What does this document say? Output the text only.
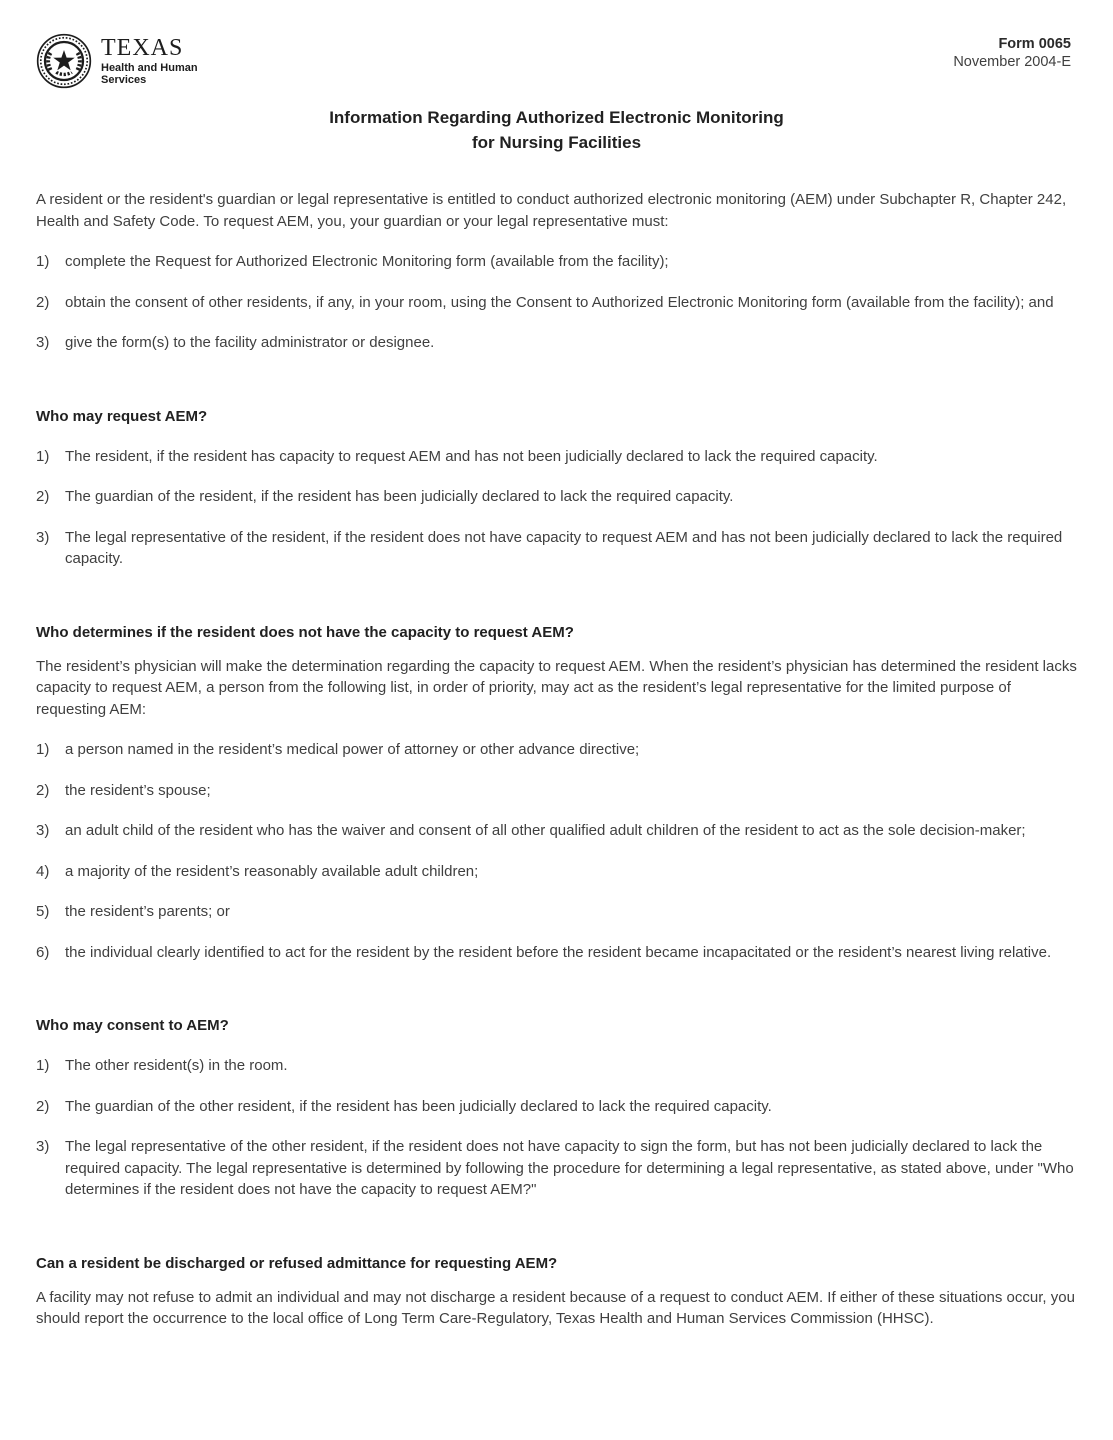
TEXAS
Health and Human
Services
Form 0065
November 2004-E
Information Regarding Authorized Electronic Monitoring
for Nursing Facilities

A resident or the resident's guardian or legal representative is entitled to conduct authorized electronic monitoring (AEM) under Subchapter R, Chapter 242, Health and Safety Code. To request AEM, you, your guardian or your legal representative must:

1)	complete the Request for Authorized Electronic Monitoring form (available from the facility);
2)	obtain the consent of other residents, if any, in your room, using the Consent to Authorized Electronic Monitoring form (available from the facility); and
3)	give the form(s) to the facility administrator or designee.
Who may request AEM?
1)	The resident, if the resident has capacity to request AEM and has not been judicially declared to lack the required capacity.
2)	The guardian of the resident, if the resident has been judicially declared to lack the required capacity.
3)	The legal representative of the resident, if the resident does not have capacity to request AEM and has not been judicially declared to lack the required capacity.
Who determines if the resident does not have the capacity to request AEM?

The resident’s physician will make the determination regarding the capacity to request AEM. When the resident’s physician has determined the resident lacks capacity to request AEM, a person from the following list, in order of priority, may act as the resident’s legal representative for the limited purpose of requesting AEM:

1)	a person named in the resident’s medical power of attorney or other advance directive;
2)	the resident’s spouse;
3)	an adult child of the resident who has the waiver and consent of all other qualified adult children of the resident to act as the sole decision-maker;
4)	a majority of the resident’s reasonably available adult children;
5)	the resident’s parents; or
6)	the individual clearly identified to act for the resident by the resident before the resident became incapacitated or the resident’s nearest living relative.
Who may consent to AEM?
1)	The other resident(s) in the room.
2)	The guardian of the other resident, if the resident has been judicially declared to lack the required capacity.
3)	The legal representative of the other resident, if the resident does not have capacity to sign the form, but has not been judicially declared to lack the required capacity. The legal representative is determined by following the procedure for determining a legal representative, as stated above, under "Who determines if the resident does not have the capacity to request AEM?"
Can a resident be discharged or refused admittance for requesting AEM?

A facility may not refuse to admit an individual and may not discharge a resident because of a request to conduct AEM. If either of these situations occur, you should report the occurrence to the local office of Long Term Care-Regulatory, Texas Health and Human Services Commission (HHSC).
